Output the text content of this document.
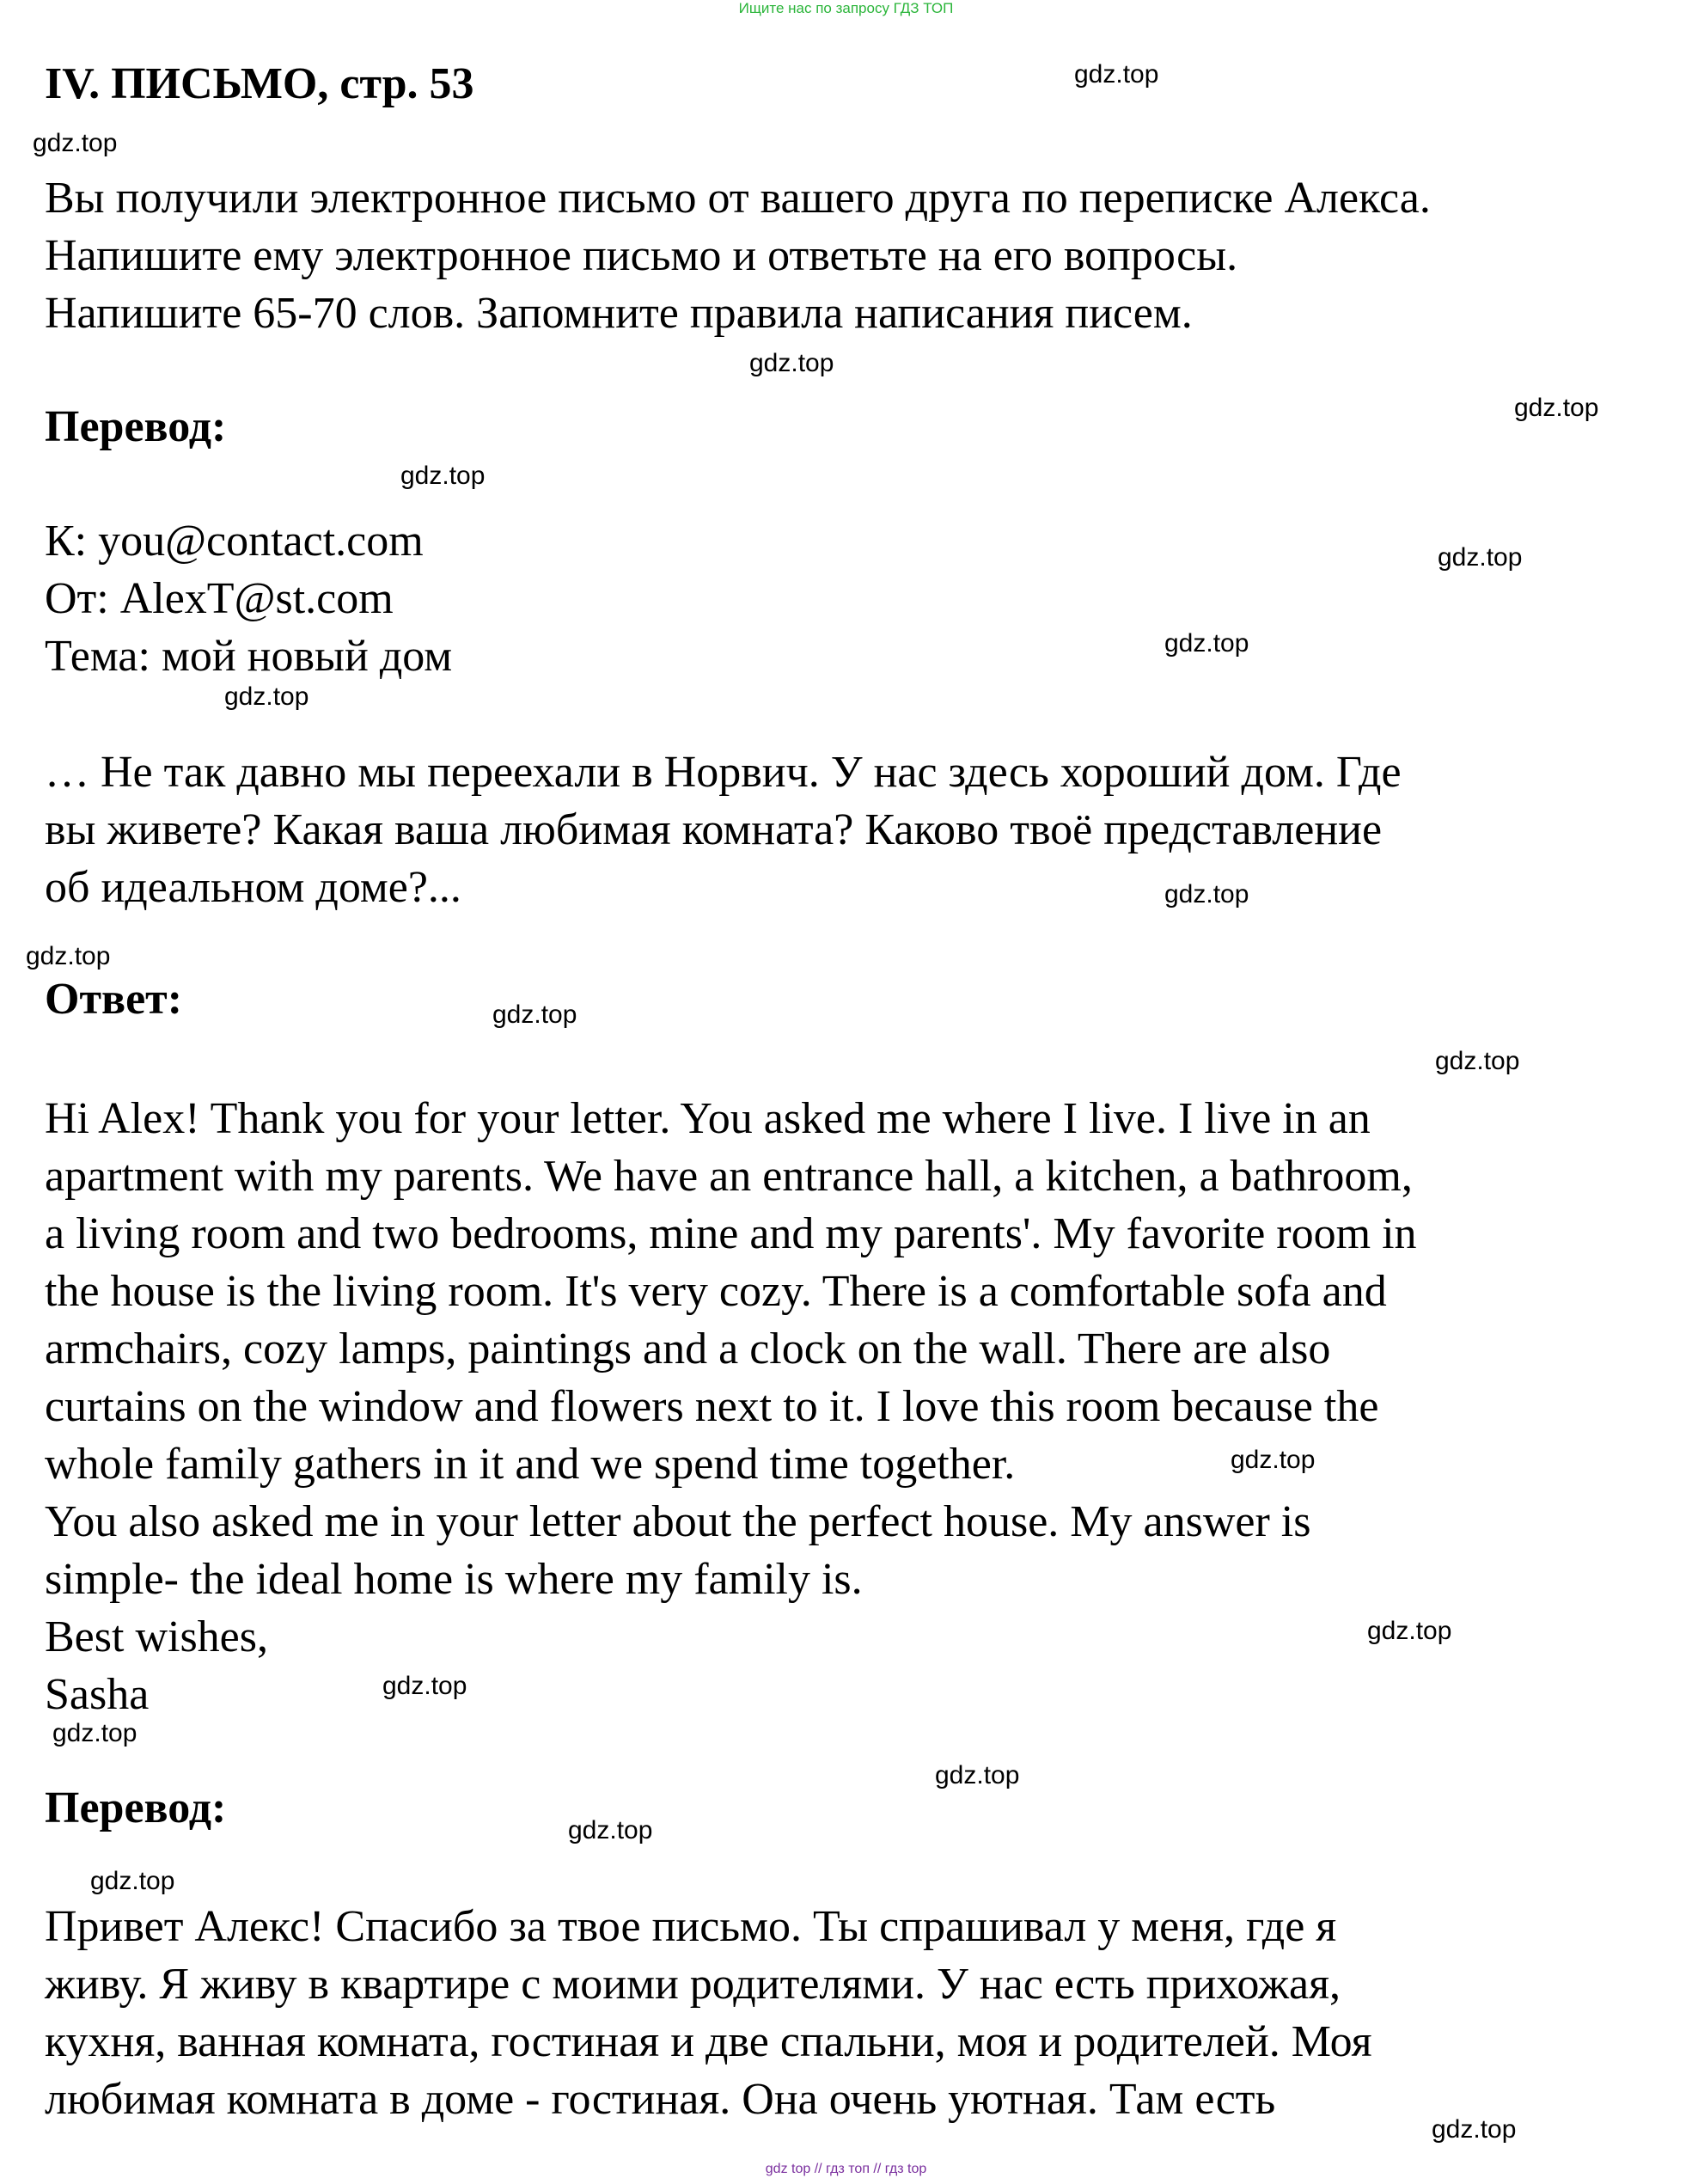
Ищите нас по запросу ГДЗ ТОП
IV. ПИСЬМО, стр. 53
Вы получили электронное письмо от вашего друга по переписке Алекса.
Напишите ему электронное письмо и ответьте на его вопросы.
Напишите 65-70 слов. Запомните правила написания писем.
Перевод:
К: you@contact.com
От: AlexT@st.com
Тема: мой новый дом
… Не так давно мы переехали в Норвич. У нас здесь хороший дом. Где
вы живете? Какая ваша любимая комната? Каково твоё представление
об идеальном доме?...
Ответ:
Hi Alex! Thank you for your letter. You asked me where I live. I live in an
apartment with my parents. We have an entrance hall, a kitchen, a bathroom,
a living room and two bedrooms, mine and my parents'. My favorite room in
the house is the living room. It's very cozy. There is a comfortable sofa and
armchairs, cozy lamps, paintings and a clock on the wall. There are also
curtains on the window and flowers next to it. I love this room because the
whole family gathers in it and we spend time together.
You also asked me in your letter about the perfect house. My answer is
simple- the ideal home is where my family is.
Best wishes,
Sasha
Перевод:
Привет Алекс! Спасибо за твое письмо. Ты спрашивал у меня, где я
живу. Я живу в квартире с моими родителями. У нас есть прихожая,
кухня, ванная комната, гостиная и две спальни, моя и родителей. Моя
любимая комната в доме - гостиная. Она очень уютная. Там есть
gdz.top
gdz.top
gdz.top
gdz.top
gdz.top
gdz.top
gdz.top
gdz.top
gdz.top
gdz.top
gdz.top
gdz.top
gdz.top
gdz.top
gdz.top
gdz.top
gdz.top
gdz.top
gdz.top
gdz.top
gdz top // гдз топ // гдз top
